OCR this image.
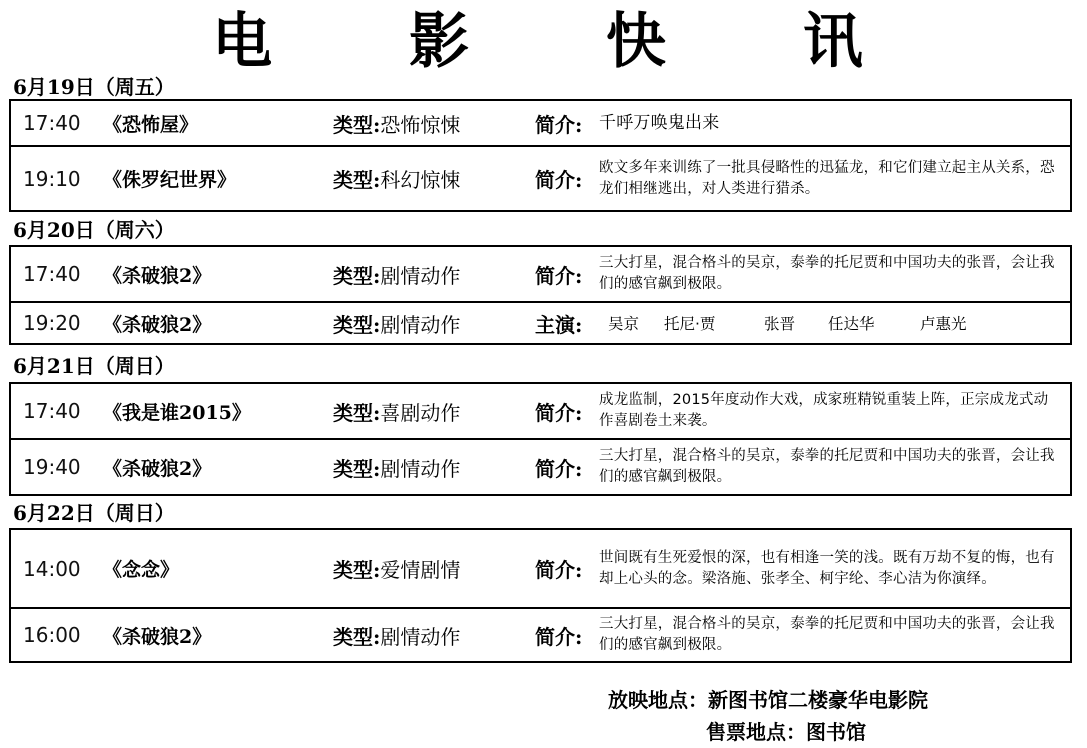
电 影 快 讯
6月19日（周五）
17:40 《恐怖屋》	类型: 恐怖惊悚	简介: 千呼万唤鬼出来
19:10 《侏罗纪世界》	类型: 科幻惊悚	简介:
欧文多年来训练了一批具侵略性的迅猛龙，和它们建立起主从关系，恐龙们相继逃出，对人类进行猎杀。
6月20日（周六）
17:40 《杀破狼2》	类型: 剧情动作	简介:
三大打星，混合格斗的吴京，泰拳的托尼贾和中国功夫的张晋，会让我们的感官飙到极限。
19:20 《杀破狼2》	类型: 剧情动作	主演: 吴京	托尼·贾	张晋	任达华	卢惠光
6月21日（周日）
17:40 《我是谁2015》	类型: 喜剧动作	简介:
成龙监制，2015年度动作大戏，成家班精锐重装上阵，正宗成龙式动作喜剧卷土来袭。
19:40 《杀破狼2》	类型: 剧情动作	简介:
三大打星，混合格斗的吴京，泰拳的托尼贾和中国功夫的张晋，会让我们的感官飙到极限。
6月22日（周日）
14:00 《念念》	类型: 爱情剧情	简介:
世间既有生死爱恨的深，也有相逢一笑的浅。既有万劫不复的悔，也有却上心头的念。梁洛施、张孝全、柯宇纶、李心洁为你演绎。
16:00 《杀破狼2》	类型: 剧情动作	简介:
三大打星，混合格斗的吴京，泰拳的托尼贾和中国功夫的张晋，会让我们的感官飙到极限。
放映地点：新图书馆二楼豪华电影院
售票地点：图书馆
